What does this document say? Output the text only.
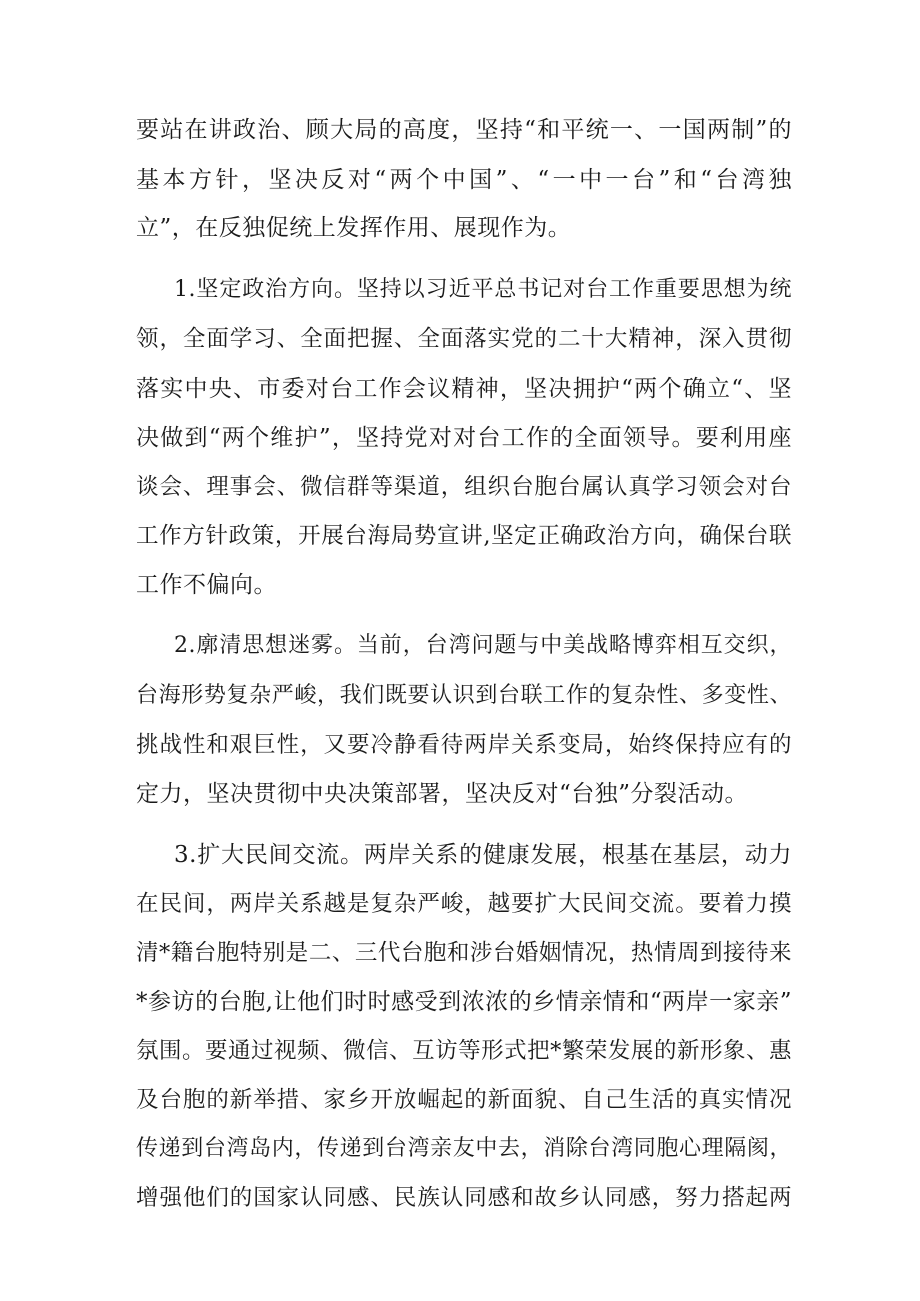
要站在讲政治、顾大局的高度，坚持“和平统一、一国两制”的
基本方针，坚决反对“两个中国”、“一中一台”和“台湾独
立”，在反独促统上发挥作用、展现作为。
1.坚定政治方向。坚持以习近平总书记对台工作重要思想为统
领，全面学习、全面把握、全面落实党的二十大精神，深入贯彻
落实中央、市委对台工作会议精神，坚决拥护“两个确立“、坚
决做到“两个维护”，坚持党对对台工作的全面领导。要利用座
谈会、理事会、微信群等渠道，组织台胞台属认真学习领会对台
工作方针政策，开展台海局势宣讲,坚定正确政治方向，确保台联
工作不偏向。
2.廓清思想迷雾。当前，台湾问题与中美战略博弈相互交织，
台海形势复杂严峻，我们既要认识到台联工作的复杂性、多变性、
挑战性和艰巨性，又要冷静看待两岸关系变局，始终保持应有的
定力，坚决贯彻中央决策部署，坚决反对“台独”分裂活动。
3.扩大民间交流。两岸关系的健康发展，根基在基层，动力
在民间，两岸关系越是复杂严峻，越要扩大民间交流。要着力摸
清*籍台胞特别是二、三代台胞和涉台婚姻情况，热情周到接待来
*参访的台胞,让他们时时感受到浓浓的乡情亲情和“两岸一家亲”
氛围。要通过视频、微信、互访等形式把*繁荣发展的新形象、惠
及台胞的新举措、家乡开放崛起的新面貌、自己生活的真实情况
传递到台湾岛内，传递到台湾亲友中去，消除台湾同胞心理隔阂，
增强他们的国家认同感、民族认同感和故乡认同感，努力搭起两
